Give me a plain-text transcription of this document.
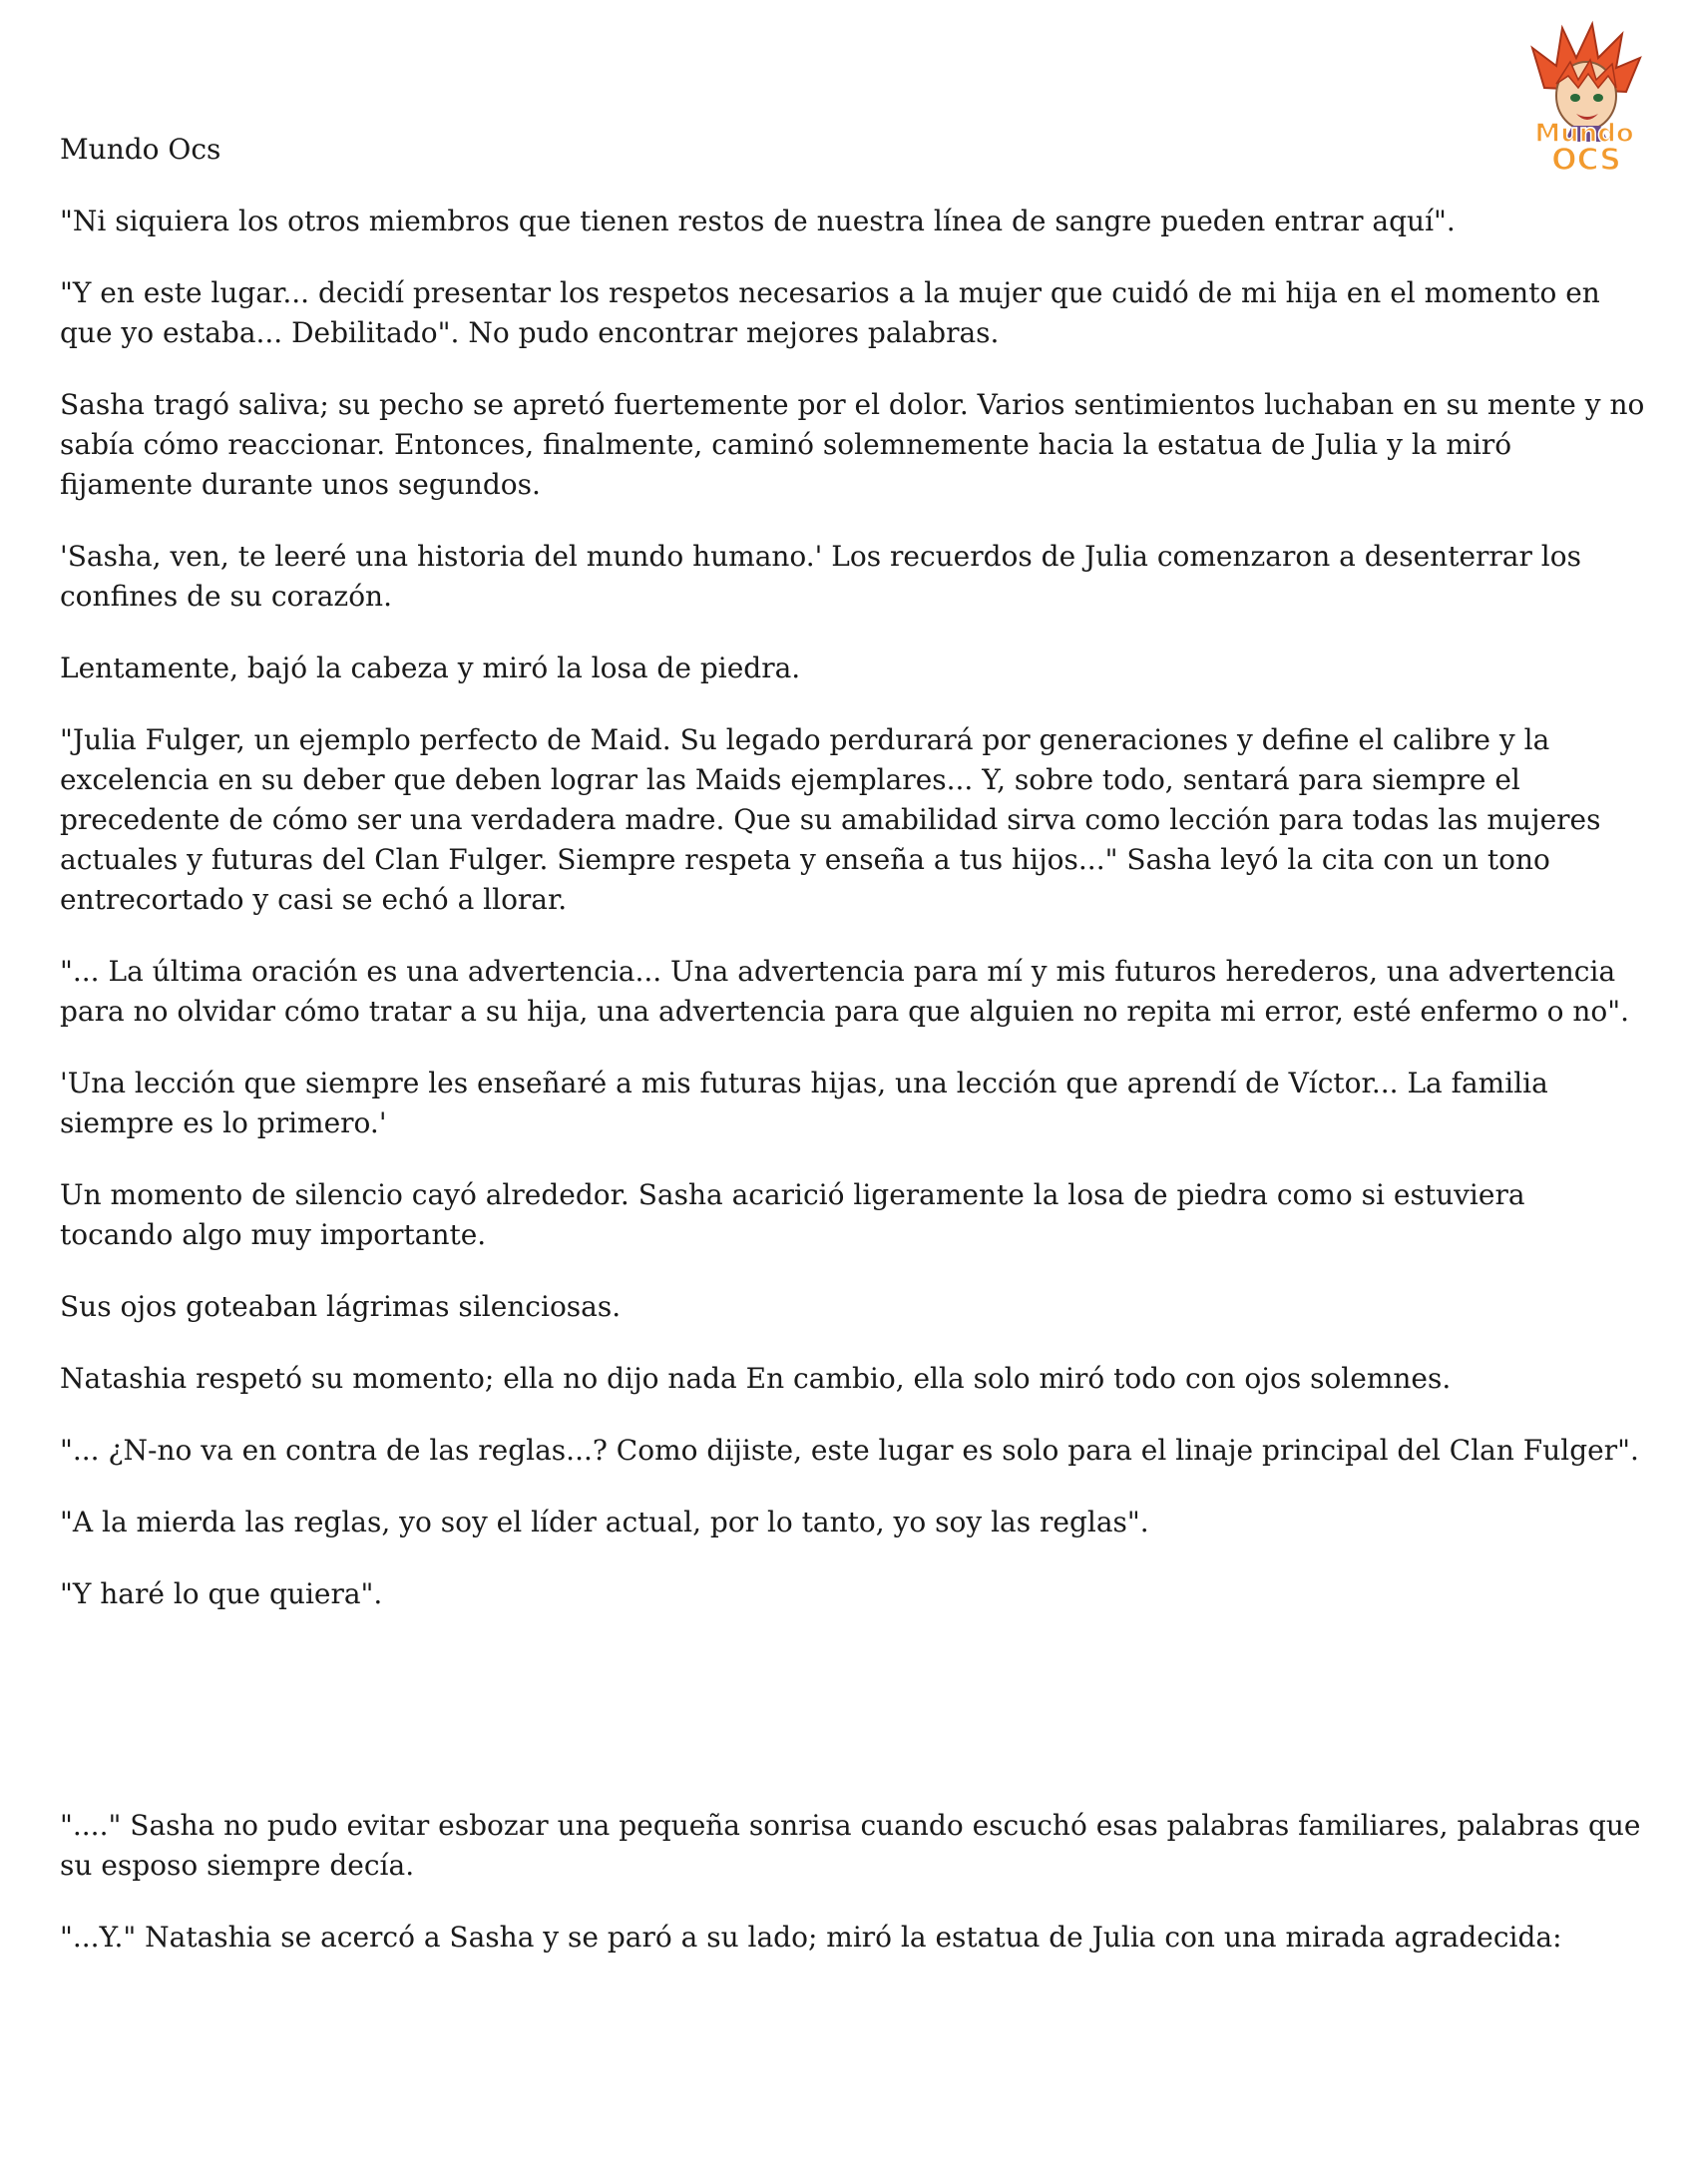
Mundo
OCS
Mundo Ocs

"Ni siquiera los otros miembros que tienen restos de nuestra línea de sangre pueden entrar aquí".

"Y en este lugar... decidí presentar los respetos necesarios a la mujer que cuidó de mi hija en el momento en que yo estaba... Debilitado". No pudo encontrar mejores palabras.

Sasha tragó saliva; su pecho se apretó fuertemente por el dolor. Varios sentimientos luchaban en su mente y no sabía cómo reaccionar. Entonces, finalmente, caminó solemnemente hacia la estatua de Julia y la miró fijamente durante unos segundos.

'Sasha, ven, te leeré una historia del mundo humano.' Los recuerdos de Julia comenzaron a desenterrar los confines de su corazón.

Lentamente, bajó la cabeza y miró la losa de piedra.

"Julia Fulger, un ejemplo perfecto de Maid. Su legado perdurará por generaciones y define el calibre y la excelencia en su deber que deben lograr las Maids ejemplares... Y, sobre todo, sentará para siempre el precedente de cómo ser una verdadera madre. Que su amabilidad sirva como lección para todas las mujeres actuales y futuras del Clan Fulger. Siempre respeta y enseña a tus hijos..." Sasha leyó la cita con un tono entrecortado y casi se echó a llorar.

"... La última oración es una advertencia... Una advertencia para mí y mis futuros herederos, una advertencia para no olvidar cómo tratar a su hija, una advertencia para que alguien no repita mi error, esté enfermo o no".

'Una lección que siempre les enseñaré a mis futuras hijas, una lección que aprendí de Víctor... La familia siempre es lo primero.'

Un momento de silencio cayó alrededor. Sasha acarició ligeramente la losa de piedra como si estuviera tocando algo muy importante.

Sus ojos goteaban lágrimas silenciosas.

Natashia respetó su momento; ella no dijo nada En cambio, ella solo miró todo con ojos solemnes.

"... ¿N-no va en contra de las reglas...? Como dijiste, este lugar es solo para el linaje principal del Clan Fulger".

"A la mierda las reglas, yo soy el líder actual, por lo tanto, yo soy las reglas".

"Y haré lo que quiera".

"...." Sasha no pudo evitar esbozar una pequeña sonrisa cuando escuchó esas palabras familiares, palabras que su esposo siempre decía.

"...Y." Natashia se acercó a Sasha y se paró a su lado; miró la estatua de Julia con una mirada agradecida:
